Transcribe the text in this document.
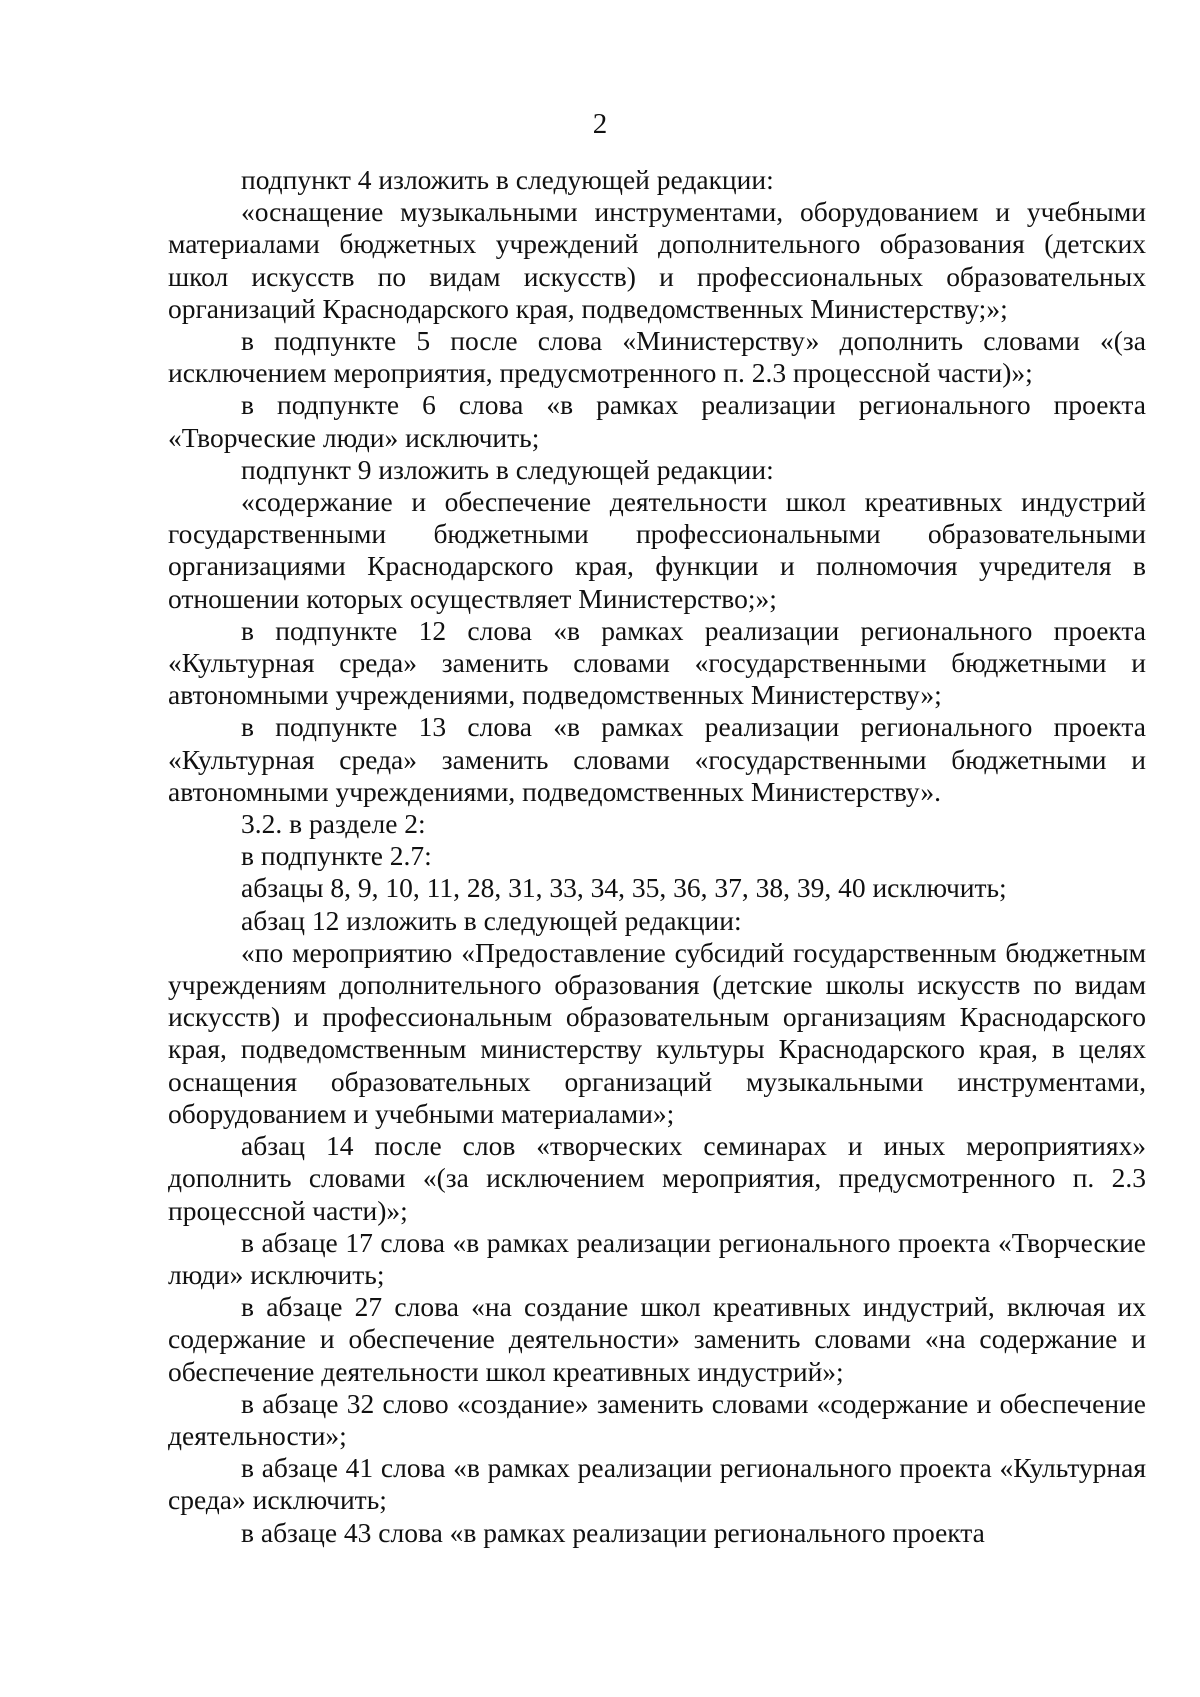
2

подпункт 4 изложить в следующей редакции:

«оснащение музыкальными инструментами, оборудованием и учебными материалами бюджетных учреждений дополнительного образования (детских школ искусств по видам искусств) и профессиональных образовательных организаций Краснодарского края, подведомственных Министерству;»;

в подпункте 5 после слова «Министерству» дополнить словами «(за исключением мероприятия, предусмотренного п. 2.3 процессной части)»;

в подпункте 6 слова «в рамках реализации регионального проекта «Творческие люди» исключить;

подпункт 9 изложить в следующей редакции:

«содержание и обеспечение деятельности школ креативных индустрий государственными бюджетными профессиональными образовательными организациями Краснодарского края, функции и полномочия учредителя в отношении которых осуществляет Министерство;»;

в подпункте 12 слова «в рамках реализации регионального проекта «Культурная среда» заменить словами «государственными бюджетными и автономными учреждениями, подведомственных Министерству»;

в подпункте 13 слова «в рамках реализации регионального проекта «Культурная среда» заменить словами «государственными бюджетными и автономными учреждениями, подведомственных Министерству».

3.2. в разделе 2:

в подпункте 2.7:

абзацы 8, 9, 10, 11, 28, 31, 33, 34, 35, 36, 37, 38, 39, 40 исключить;

абзац 12 изложить в следующей редакции:

«по мероприятию «Предоставление субсидий государственным бюджетным учреждениям дополнительного образования (детские школы искусств по видам искусств) и профессиональным образовательным организациям Краснодарского края, подведомственным министерству культуры Краснодарского края, в целях оснащения образовательных организаций музыкальными инструментами, оборудованием и учебными материалами»;

абзац 14 после слов «творческих семинарах и иных мероприятиях» дополнить словами «(за исключением мероприятия, предусмотренного п. 2.3 процессной части)»;

в абзаце 17 слова «в рамках реализации регионального проекта «Творческие люди» исключить;

в абзаце 27 слова «на создание школ креативных индустрий, включая их содержание и обеспечение деятельности» заменить словами «на содержание и обеспечение деятельности школ креативных индустрий»;

в абзаце 32 слово «создание» заменить словами «содержание и обеспечение деятельности»;

в абзаце 41 слова «в рамках реализации регионального проекта «Культурная среда» исключить;

в абзаце 43 слова «в рамках реализации регионального проекта
